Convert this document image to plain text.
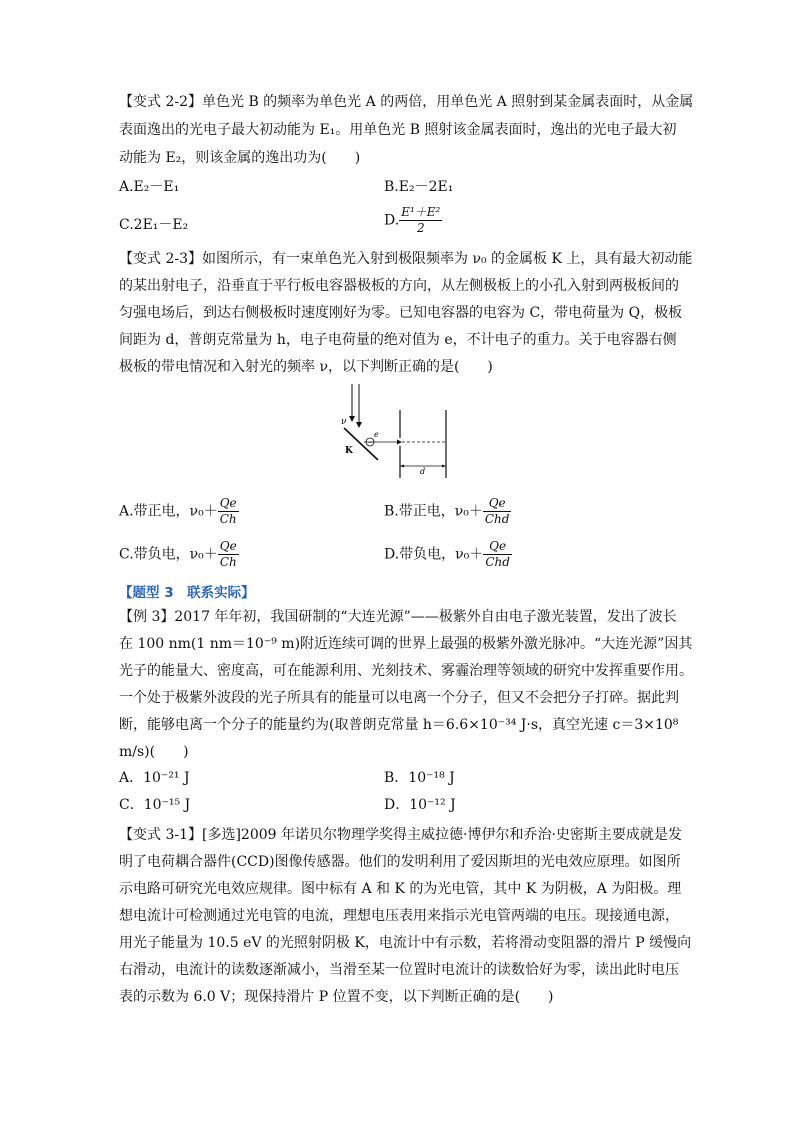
【变式 2-2】单色光 B 的频率为单色光 A 的两倍，用单色光 A 照射到某金属表面时，从金属
表面逸出的光电子最大初动能为 E₁。用单色光 B 照射该金属表面时，逸出的光电子最大初
动能为 E₂，则该金属的逸出功为(　　)
A.E₂－E₁	B.E₂－2E₁
C.2E₁－E₂	D. $\frac{\text{E¹＋E²}}{2}$
【变式 2-3】如图所示，有一束单色光入射到极限频率为 ν₀ 的金属板 K 上，具有最大初动能
的某出射电子，沿垂直于平行板电容器极板的方向，从左侧极板上的小孔入射到两极板间的
匀强电场后，到达右侧极板时速度刚好为零。已知电容器的电容为 C，带电荷量为 Q，极板
间距为 d，普朗克常量为 h，电子电荷量的绝对值为 e，不计电子的重力。关于电容器右侧
极板的带电情况和入射光的频率 ν，以下判断正确的是(　　)
ν
K
−
e
d
A.带正电，$\nu_0+ \frac{Qe}{Ch}$	B.带正电，$\nu_0+ \frac{Qe}{\text{Chd}}$
C.带负电，$\nu_0+ \frac{Qe}{Ch}$	D.带负电，$\nu_0+ \frac{Qe}{\text{Chd}}$
【题型 3　联系实际】
【例 3】2017 年年初，我国研制的“大连光源”——极紫外自由电子激光装置，发出了波长
在 100 nm(1 nm＝10⁻⁹ m)附近连续可调的世界上最强的极紫外激光脉冲。“大连光源”因其
光子的能量大、密度高，可在能源利用、光刻技术、雾霾治理等领域的研究中发挥重要作用。
一个处于极紫外波段的光子所具有的能量可以电离一个分子，但又不会把分子打碎。据此判
断，能够电离一个分子的能量约为(取普朗克常量 h＝6.6×10⁻³⁴ J·s，真空光速 c＝3×10⁸
m/s)(　　)
A．10⁻²¹ J	B．10⁻¹⁸ J
C．10⁻¹⁵ J	D．10⁻¹² J
【变式 3-1】[多选]2009 年诺贝尔物理学奖得主威拉德·博伊尔和乔治·史密斯主要成就是发
明了电荷耦合器件(CCD)图像传感器。他们的发明利用了爱因斯坦的光电效应原理。如图所
示电路可研究光电效应规律。图中标有 A 和 K 的为光电管，其中 K 为阴极，A 为阳极。理
想电流计可检测通过光电管的电流，理想电压表用来指示光电管两端的电压。现接通电源，
用光子能量为 10.5 eV 的光照射阴极 K，电流计中有示数，若将滑动变阻器的滑片 P 缓慢向
右滑动，电流计的读数逐渐减小，当滑至某一位置时电流计的读数恰好为零，读出此时电压
表的示数为 6.0 V；现保持滑片 P 位置不变，以下判断正确的是(　　)
